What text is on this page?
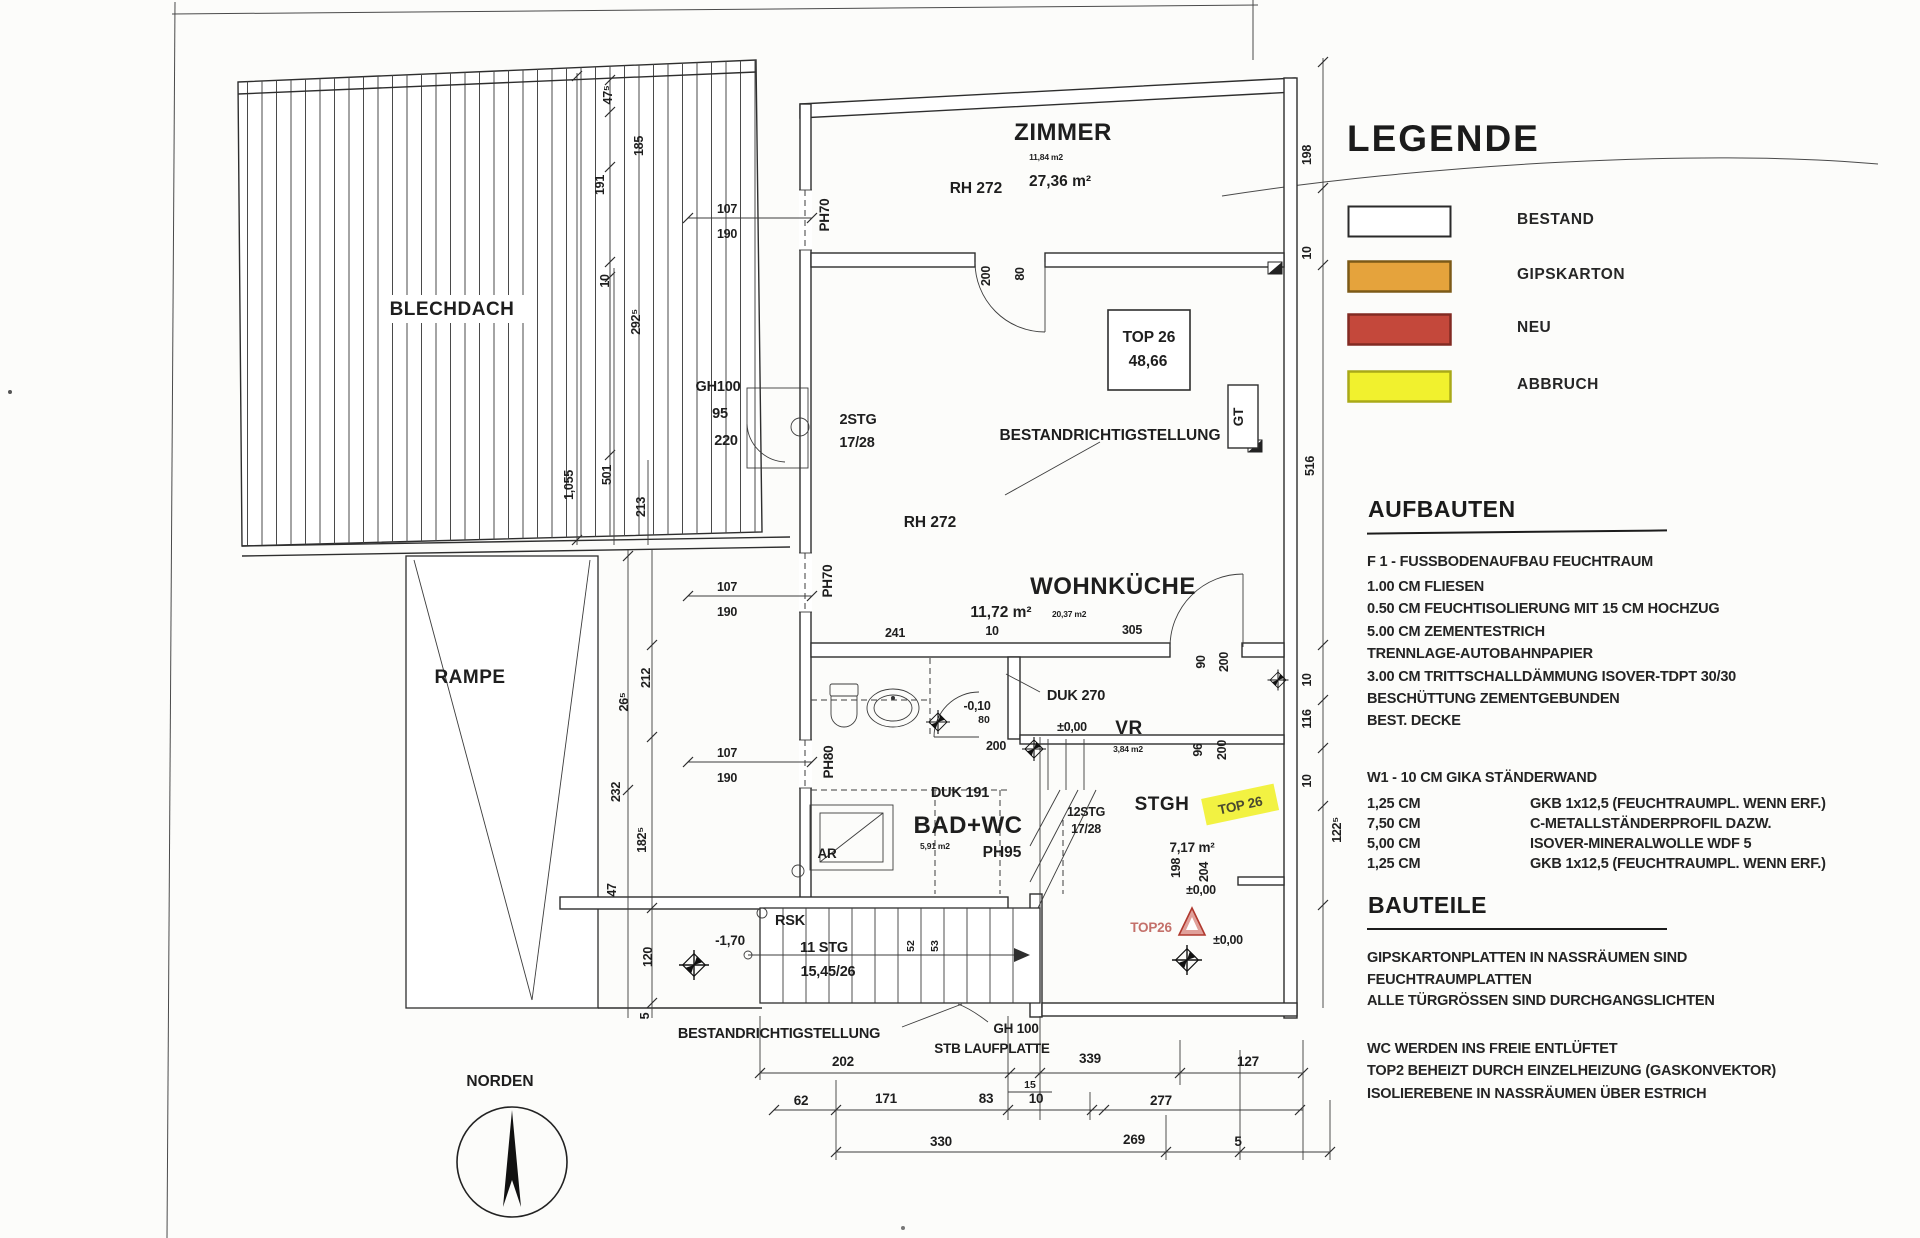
BLECHDACH
RAMPE
GT
TOP 26
48,66
TOP 26
TOP26
NORDEN
ZIMMER
11,84 m2
27,36 m²
RH 272
WOHNKÜCHE
11,72 m² 20,37 m2
RH 272
BAD+WC
5,91 m2 PH95
VR
3,84 m2
STGH
7,17 m²
BESTANDRICHTIGSTELLUNG
BESTANDRICHTIGSTELLUNG
DUK 270
DUK 191
AR
PH70
PH70
PH80
GH100
95
220
2STG
17/28
12STG
17/28
RSK
11 STG
15,45/26
-1,70
GH 100
STB LAUFPLATTE
-0,10
80
200
±0,00
±0,00
±0,00
47⁵
185
191
10
292⁵
1,055 501
213
107
190
107
190
107
190
200 80
241	10	305
90 200
96 200
198
10
516
10
116
10
122⁵
198 204
212
26⁵
232
182⁵
47
120
5
52 53
202	339
15
127
62	171	83	10	277
330	269	5
LEGENDE
BESTAND
GIPSKARTON
NEU
ABBRUCH
AUFBAUTEN
F 1 - FUSSBODENAUFBAU FEUCHTRAUM
1.00 CM FLIESEN
0.50 CM FEUCHTISOLIERUNG MIT 15 CM HOCHZUG
5.00 CM ZEMENTESTRICH
TRENNLAGE-AUTOBAHNPAPIER
3.00 CM TRITTSCHALLDÄMMUNG ISOVER-TDPT 30/30
BESCHÜTTUNG ZEMENTGEBUNDEN
BEST. DECKE
W1 - 10 CM GIKA STÄNDERWAND
1,25 CM	GKB 1x12,5 (FEUCHTRAUMPL. WENN ERF.)
7,50 CM	C-METALLSTÄNDERPROFIL DAZW.
5,00 CM	ISOVER-MINERALWOLLE WDF 5
1,25 CM	GKB 1x12,5 (FEUCHTRAUMPL. WENN ERF.)
BAUTEILE
GIPSKARTONPLATTEN IN NASSRÄUMEN SIND
FEUCHTRAUMPLATTEN
ALLE TÜRGRÖSSEN SIND DURCHGANGSLICHTEN
WC WERDEN INS FREIE ENTLÜFTET
TOP2 BEHEIZT DURCH EINZELHEIZUNG (GASKONVEKTOR)
ISOLIEREBENE IN NASSRÄUMEN ÜBER ESTRICH
